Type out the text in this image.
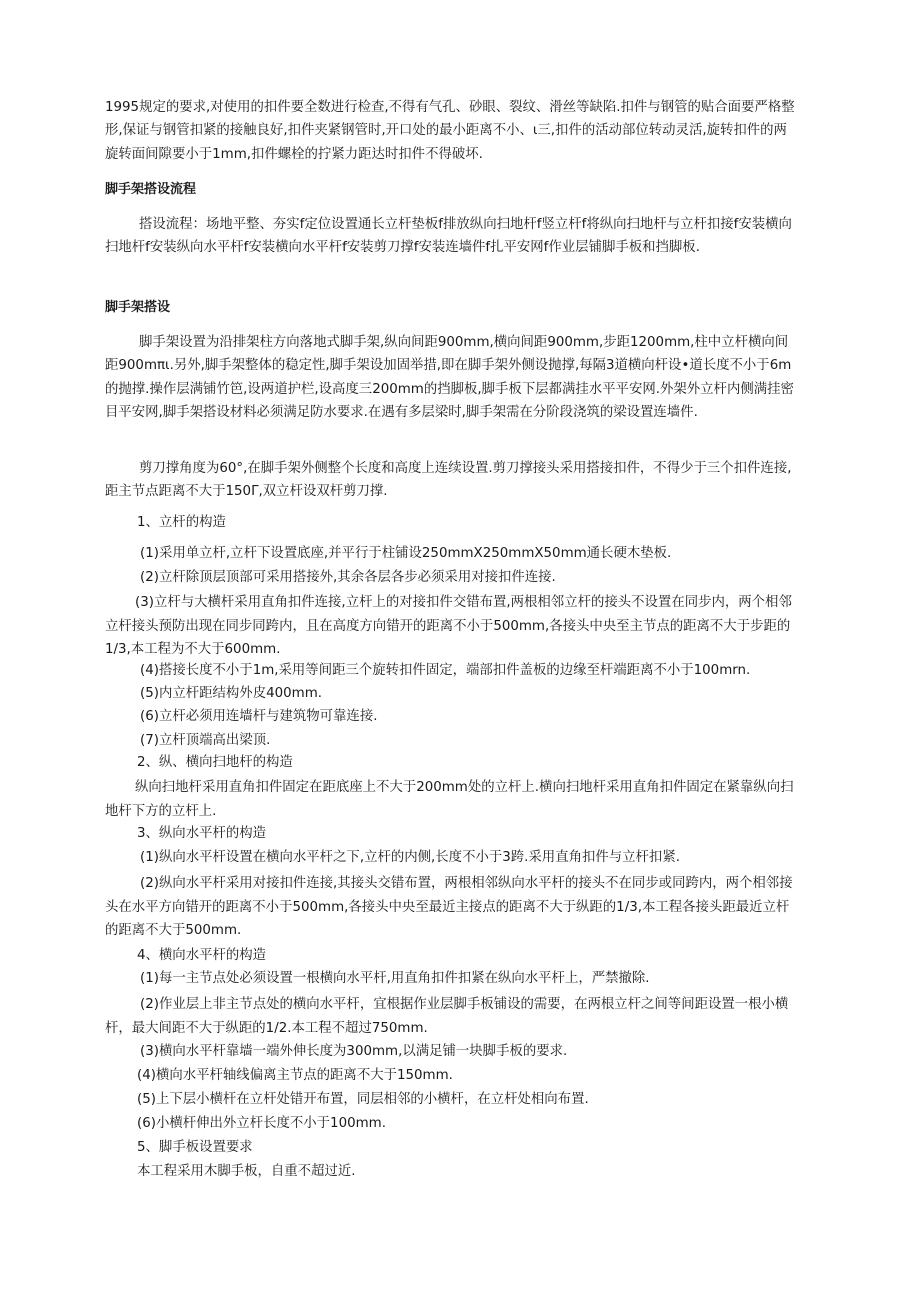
1995规定的要求,对使用的扣件要全数进行检查,不得有气孔、砂眼、裂纹、滑丝等缺陷.扣件与钢管的贴合面要严格整形,保证与钢管扣紧的接触良好,扣件夹紧钢管时,开口处的最小距离不小、ι三,扣件的活动部位转动灵活,旋转扣件的两旋转面间隙要小于1mm,扣件螺栓的拧紧力距达时扣件不得破坏.

脚手架搭设流程

搭设流程：场地平整、夯实f定位设置通长立杆垫板f排放纵向扫地杆f竖立杆f将纵向扫地杆与立杆扣接f安装横向扫地杆f安装纵向水平杆f安装横向水平杆f安装剪刀撑f安装连墙件f扎平安网f作业层铺脚手板和挡脚板.

脚手架搭设

脚手架设置为沿排架柱方向落地式脚手架,纵向间距900mm,横向间距900mm,步距1200mm,柱中立杆横向间距900mπι.另外,脚手架整体的稳定性,脚手架设加固举措,即在脚手架外侧设抛撑,每隔3道横向杆设•道长度不小于6m的抛撑.操作层满铺竹笆,设两道护栏,设高度三200mm的挡脚板,脚手板下层都满挂水平平安网.外架外立杆内侧满挂密目平安网,脚手架搭设材料必须满足防水要求.在遇有多层梁时,脚手架需在分阶段浇筑的梁设置连墙件.

剪刀撑角度为60°,在脚手架外侧整个长度和高度上连续设置.剪刀撑接头采用搭接扣件，不得少于三个扣件连接,距主节点距离不大于150Γ,双立杆设双杆剪刀撑.

1、立杆的构造

(1)采用单立杆,立杆下设置底座,并平行于柱铺设250mmX250mmX50mm通长硬木垫板.

(2)立杆除顶层顶部可采用搭接外,其余各层各步必须采用对接扣件连接.

(3)立杆与大横杆采用直角扣件连接,立杆上的对接扣件交错布置,两根相邻立杆的接头不设置在同步内，两个相邻立杆接头预防出现在同步同跨内，且在高度方向错开的距离不小于500mm,各接头中央至主节点的距离不大于步距的1/3,本工程为不大于600mm.

(4)搭接长度不小于1m,采用等间距三个旋转扣件固定，端部扣件盖板的边缘至杆端距离不小于100mrn.

(5)内立杆距结构外皮400mm.

(6)立杆必须用连墙杆与建筑物可靠连接.

(7)立杆顶端高出梁顶.

2、纵、横向扫地杆的构造

纵向扫地杆采用直角扣件固定在距底座上不大于200mm处的立杆上.横向扫地杆采用直角扣件固定在紧靠纵向扫地杆下方的立杆上.

3、纵向水平杆的构造

(1)纵向水平杆设置在横向水平杆之下,立杆的内侧,长度不小于3跨.采用直角扣件与立杆扣紧.

(2)纵向水平杆采用对接扣件连接,其接头交错布置，两根相邻纵向水平杆的接头不在同步或同跨内，两个相邻接头在水平方向错开的距离不小于500mm,各接头中央至最近主接点的距离不大于纵距的1/3,本工程各接头距最近立杆的距离不大于500mm.

4、横向水平杆的构造

(1)每一主节点处必须设置一根横向水平杆,用直角扣件扣紧在纵向水平杆上，严禁撤除.

(2)作业层上非主节点处的横向水平杆，宜根据作业层脚手板铺设的需要，在两根立杆之间等间距设置一根小横杆，最大间距不大于纵距的1/2.本工程不超过750mm.

(3)横向水平杆靠墙一端外伸长度为300mm,以满足铺一块脚手板的要求.

(4)横向水平杆轴线偏离主节点的距离不大于150mm.

(5)上下层小横杆在立杆处错开布置，同层相邻的小横杆，在立杆处相向布置.

(6)小横杆伸出外立杆长度不小于100mm.

5、脚手板设置要求

本工程采用木脚手板，自重不超过近.
